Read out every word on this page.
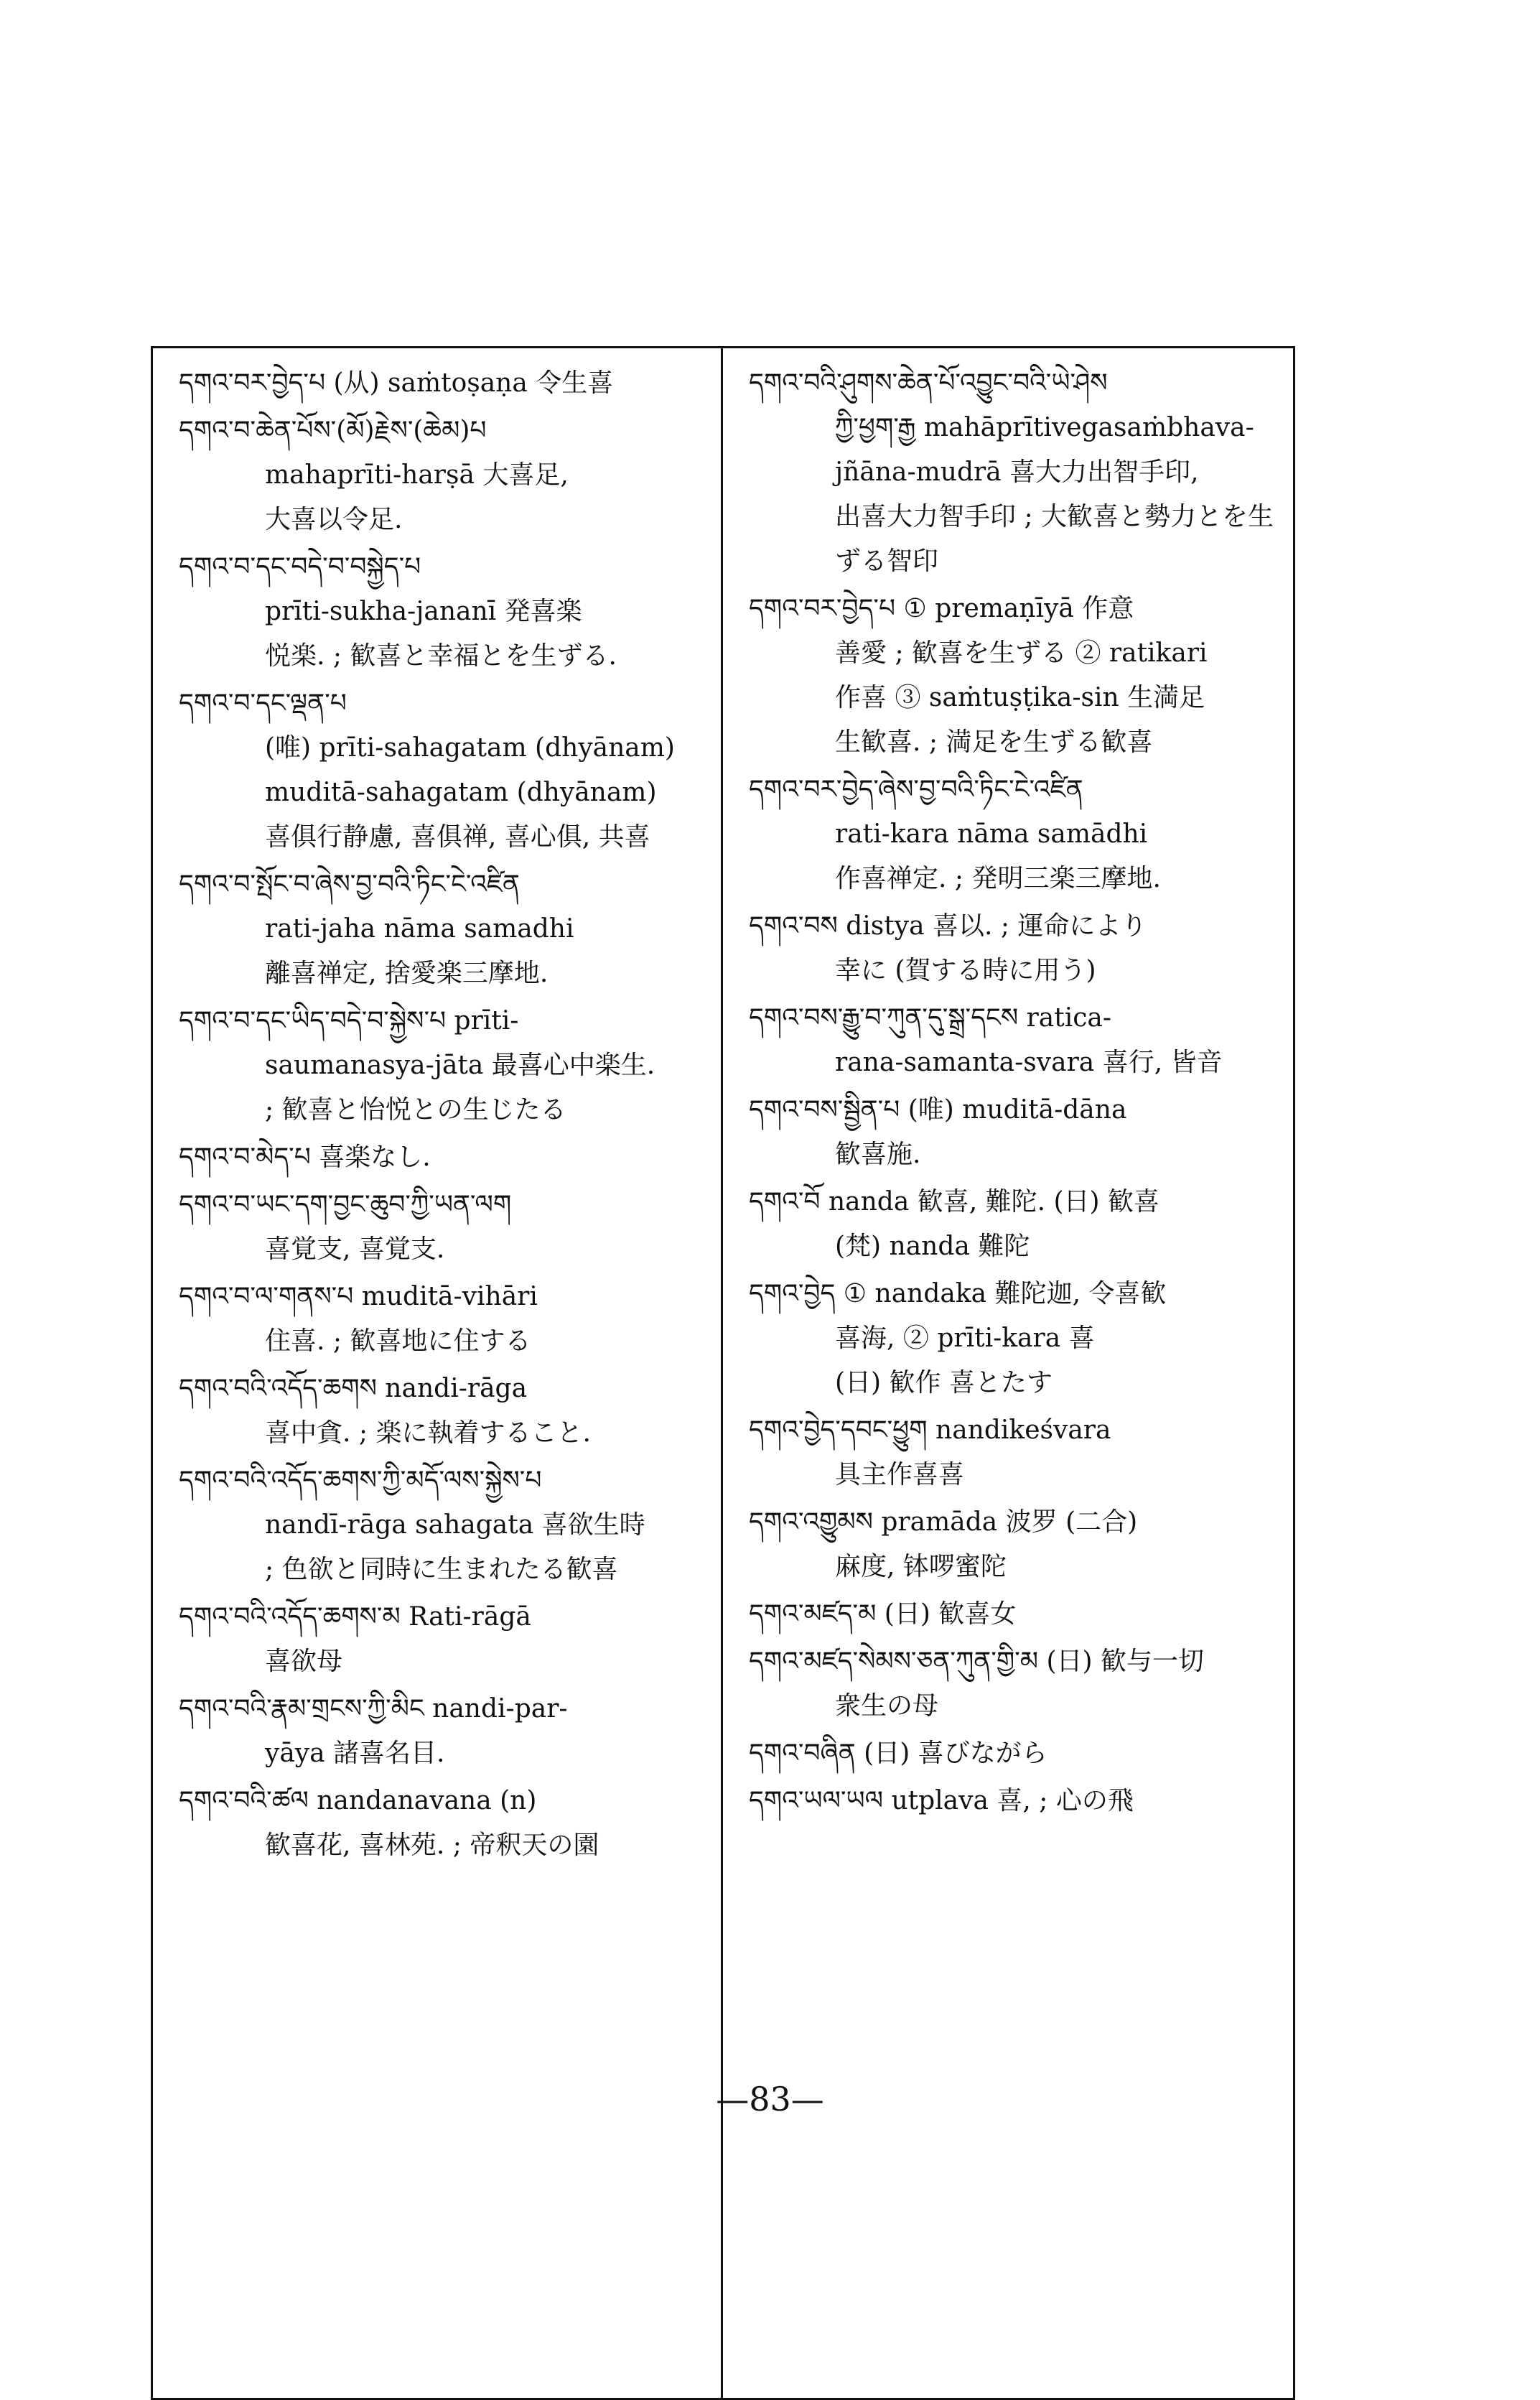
དགའ་བར་བྱེད་པ (从) saṁtoṣaṇa 令生喜
དགའ་བ་ཆེན་པོས་(མོ)རྗེས་(ཆེམ)པ
mahaprīti-harṣā 大喜足,
大喜以令足.
དགའ་བ་དང་བདེ་བ་བསྐྱེད་པ
prīti-sukha-jananī 発喜楽
悦楽. ; 歓喜と幸福とを生ずる.
དགའ་བ་དང་ལྡན་པ
(唯) prīti-sahagatam (dhyānam)
muditā-sahagatam (dhyānam)
喜俱行静慮, 喜俱禅, 喜心俱, 共喜
དགའ་བ་སྤོང་བ་ཞེས་བྱ་བའི་ཏིང་ངེ་འཛིན
rati-jaha nāma samadhi
離喜禅定, 捨愛楽三摩地.
དགའ་བ་དང་ཡིད་བདེ་བ་སྐྱེས་པ prīti-
saumanasya-jāta 最喜心中楽生.
; 歓喜と怡悦との生じたる
དགའ་བ་མེད་པ 喜楽なし.
དགའ་བ་ཡང་དག་བྱང་ཆུབ་ཀྱི་ཡན་ལག
喜覚支, 喜覚支.
དགའ་བ་ལ་གནས་པ muditā-vihāri
住喜. ; 歓喜地に住する
དགའ་བའི་འདོད་ཆགས nandi-rāga
喜中貪. ; 楽に執着すること.
དགའ་བའི་འདོད་ཆགས་ཀྱི་མདོ་ལས་སྐྱེས་པ
nandī-rāga sahagata 喜欲生時
; 色欲と同時に生まれたる歓喜
དགའ་བའི་འདོད་ཆགས་མ Rati-rāgā
喜欲母
དགའ་བའི་རྣམ་གྲངས་ཀྱི་མིང nandi-par-
yāya 諸喜名目.
དགའ་བའི་ཚལ nandanavana (n)
歓喜花, 喜林苑. ; 帝釈天の園
དགའ་བའི་ཤུགས་ཆེན་པོ་འབྱུང་བའི་ཡེ་ཤེས
ཀྱི་ཕྱག་རྒྱ mahāprītivegasaṁbhava-
jñāna-mudrā 喜大力出智手印,
出喜大力智手印 ; 大歓喜と勢力とを生
ずる智印
དགའ་བར་བྱེད་པ ① premaṇīyā 作意
善愛 ; 歓喜を生ずる ② ratikari
作喜 ③ saṁtuṣṭika-sin 生満足
生歓喜. ; 満足を生ずる歓喜
དགའ་བར་བྱེད་ཞེས་བྱ་བའི་ཏིང་ངེ་འཛིན
rati-kara nāma samādhi
作喜禅定. ; 発明三楽三摩地.
དགའ་བས distya 喜以. ; 運命により
幸に (賀する時に用う)
དགའ་བས་རྒྱུ་བ་ཀུན་དུ་སྒྲ་དངས ratica-
rana-samanta-svara 喜行, 皆音
དགའ་བས་སྦྱིན་པ (唯) muditā-dāna
歓喜施.
དགའ་བོ nanda 歓喜, 難陀. (日) 歓喜
(梵) nanda 難陀
དགའ་བྱེད ① nandaka 難陀迦, 令喜歓
喜海, ② prīti-kara 喜
(日) 歓作 喜とたす
དགའ་བྱེད་དབང་ཕྱུག nandikeśvara
具主作喜喜
དགའ་འགྱུམས pramāda 波罗 (二合)
麻度, 钵啰蜜陀
དགའ་མཛད་མ (日) 歓喜女
དགའ་མཛད་སེམས་ཅན་ཀུན་གྱི་མ (日) 歓与一切
衆生の母
དགའ་བཞིན (日) 喜びながら
དགའ་ཡལ་ཡལ utplava 喜, ; 心の飛
—83—
